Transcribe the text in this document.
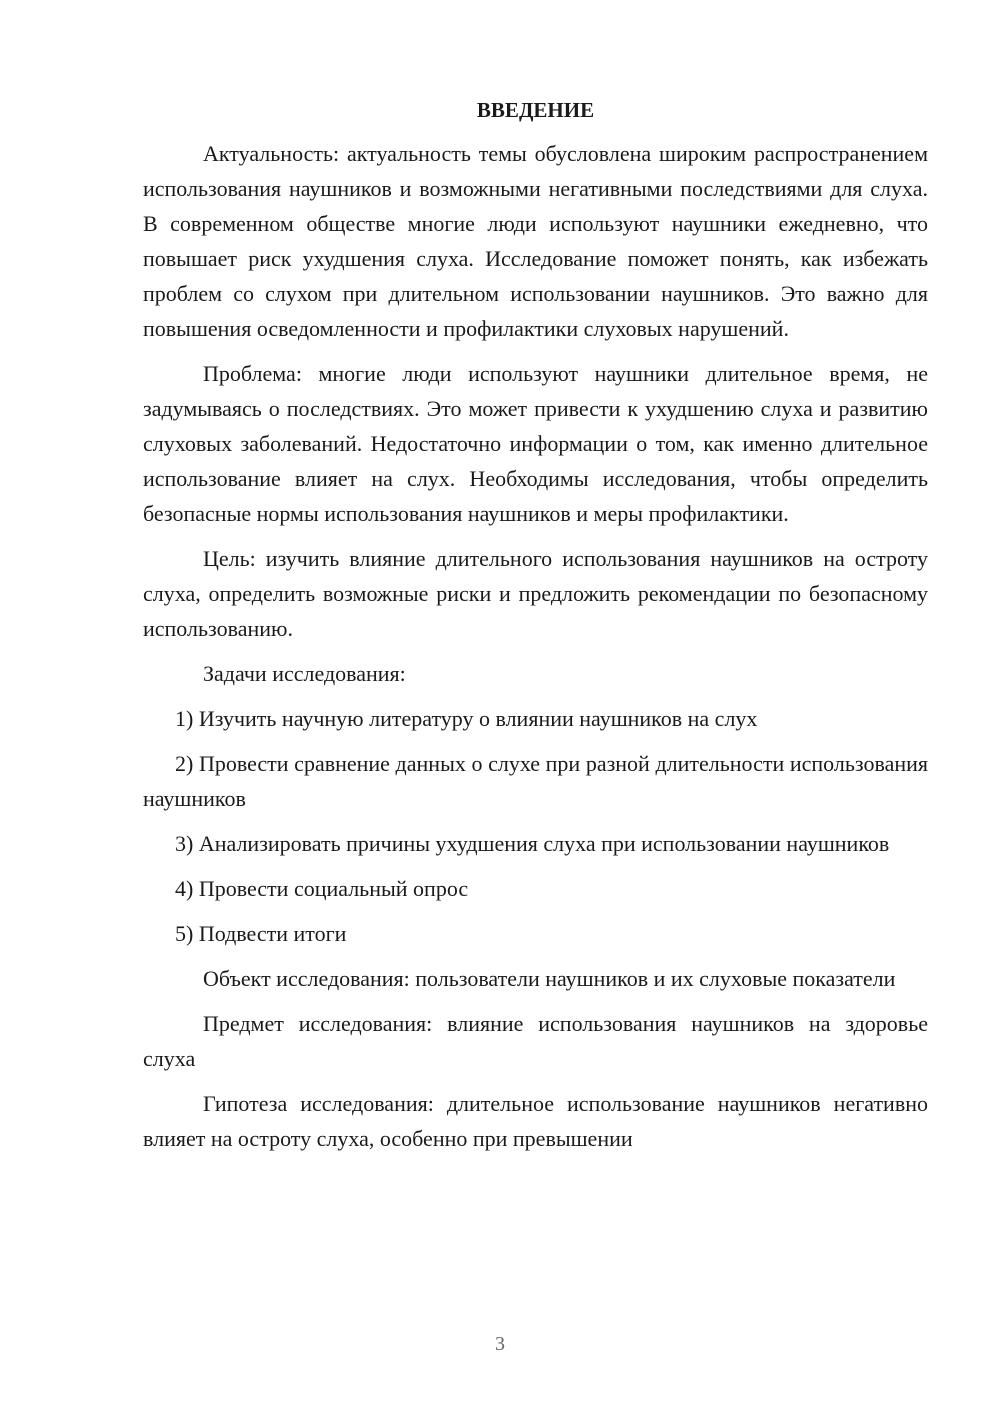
ВВЕДЕНИЕ

Актуальность: актуальность темы обусловлена широким распространением использования наушников и возможными негативными последствиями для слуха. В современном обществе многие люди используют наушники ежедневно, что повышает риск ухудшения слуха. Исследование поможет понять, как избежать проблем со слухом при длительном использовании наушников. Это важно для повышения осведомленности и профилактики слуховых нарушений.

Проблема: многие люди используют наушники длительное время, не задумываясь о последствиях. Это может привести к ухудшению слуха и развитию слуховых заболеваний. Недостаточно информации о том, как именно длительное использование влияет на слух. Необходимы исследования, чтобы определить безопасные нормы использования наушников и меры профилактики.

Цель: изучить влияние длительного использования наушников на остроту слуха, определить возможные риски и предложить рекомендации по безопасному использованию.

Задачи исследования:

1) Изучить научную литературу о влиянии наушников на слух

2) Провести сравнение данных о слухе при разной длительности использования наушников

3) Анализировать причины ухудшения слуха при использовании наушников

4) Провести социальный опрос

5) Подвести итоги

Объект исследования: пользователи наушников и их слуховые показатели

Предмет исследования: влияние использования наушников на здоровье слуха

Гипотеза исследования: длительное использование наушников негативно влияет на остроту слуха, особенно при превышении

3
